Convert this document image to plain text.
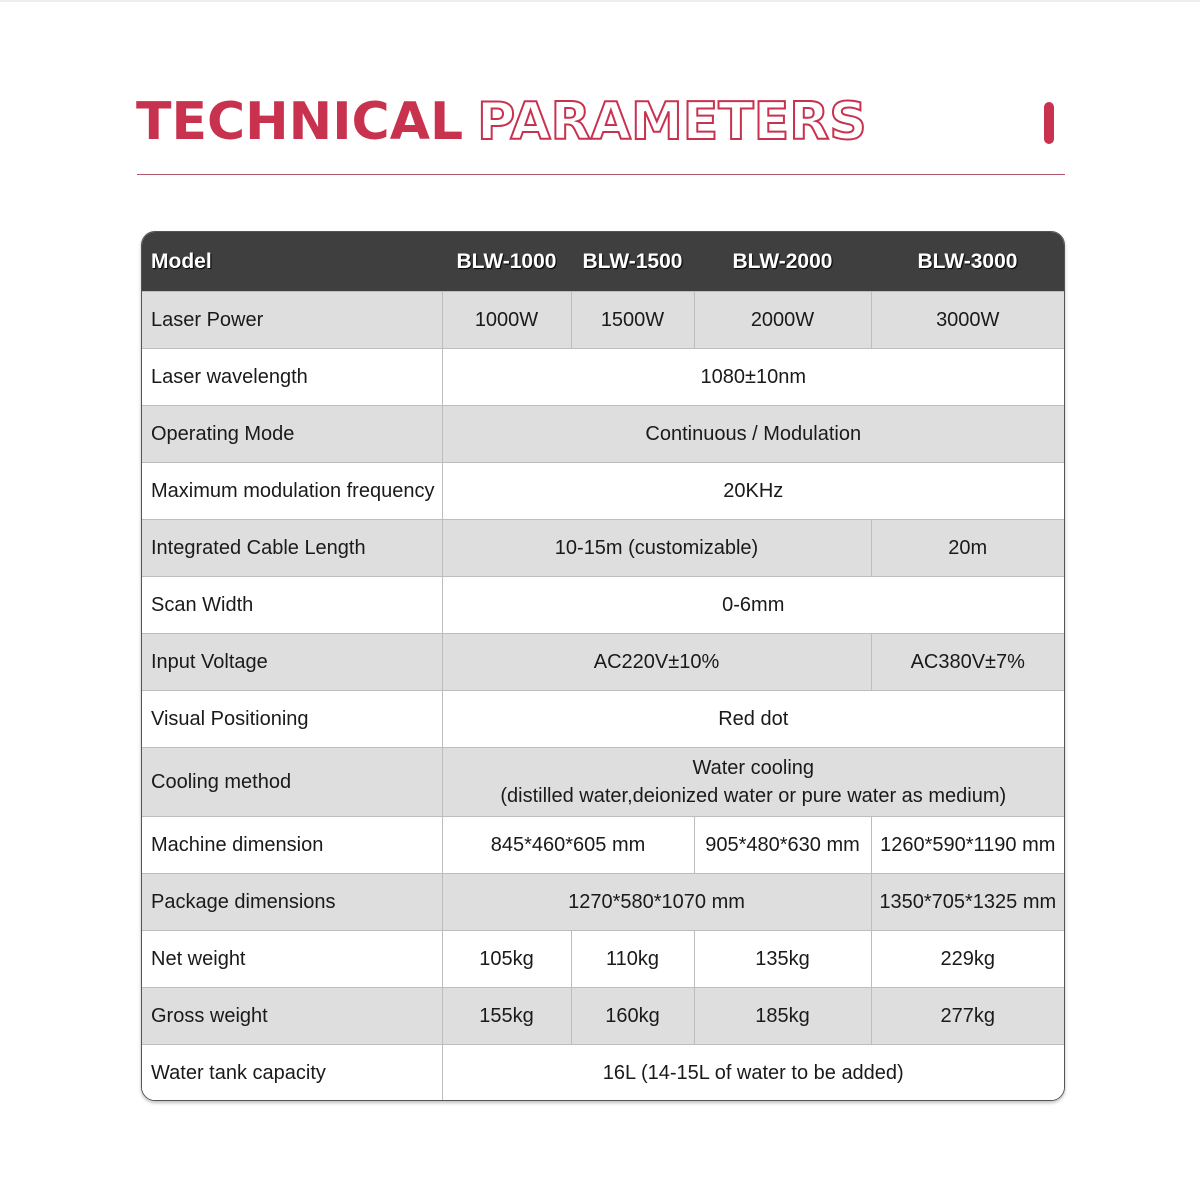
TECHNICAL PARAMETERS
Model	BLW-1000	BLW-1500	BLW-2000	BLW-3000
Laser Power	1000W	1500W	2000W	3000W
Laser wavelength	1080±10nm			
Operating Mode	Continuous / Modulation			
Maximum modulation frequency	20KHz			
Integrated Cable Length	10-15m (customizable)			20m
Scan Width	0-6mm			
Input Voltage	AC220V±10%			AC380V±7%
Visual Positioning	Red dot			
Cooling method	Water cooling
(distilled water,deionized water or pure water as medium)			

Machine dimension	845*460*605 mm		905*480*630 mm	1260*590*1190 mm
Package dimensions	1270*580*1070 mm			1350*705*1325 mm
Net weight	105kg	110kg	135kg	229kg
Gross weight	155kg	160kg	185kg	277kg
Water tank capacity	16L (14-15L of water to be added)			
